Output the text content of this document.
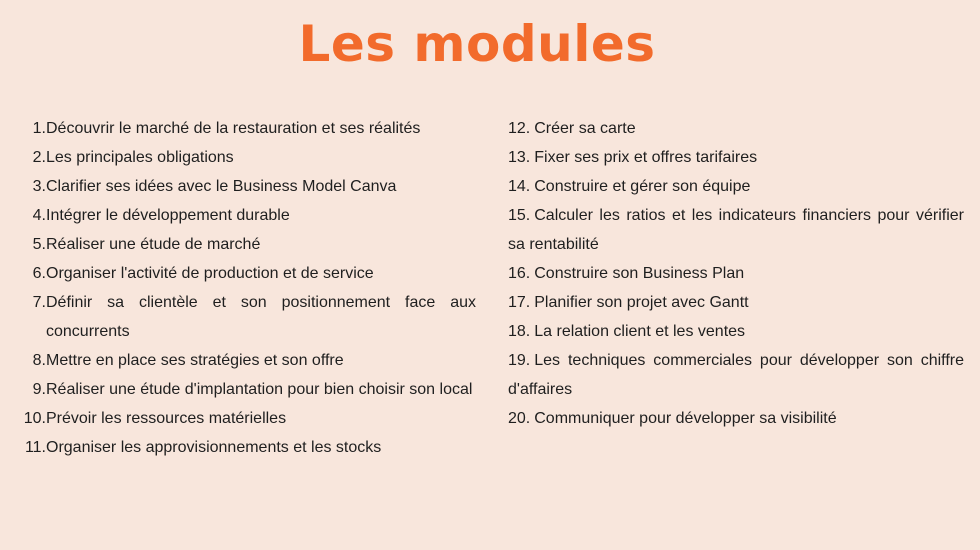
Les modules
1. Découvrir le marché de la restauration et ses réalités
2. Les principales obligations
3. Clarifier ses idées avec le Business Model Canva
4. Intégrer le développement durable
5. Réaliser une étude de marché
6. Organiser l'activité de production et de service
7. Définir sa clientèle et son positionnement face aux concurrents
8. Mettre en place ses stratégies et son offre
9. Réaliser une étude d'implantation pour bien choisir son local
10. Prévoir les ressources matérielles
11. Organiser les approvisionnements et les stocks
12. Créer sa carte
13. Fixer ses prix et offres tarifaires
14. Construire et gérer son équipe
15. Calculer les ratios et les indicateurs financiers pour vérifier sa rentabilité
16. Construire son Business Plan
17. Planifier son projet avec Gantt
18. La relation client et les ventes
19. Les techniques commerciales pour développer son chiffre d'affaires
20. Communiquer pour développer sa visibilité
